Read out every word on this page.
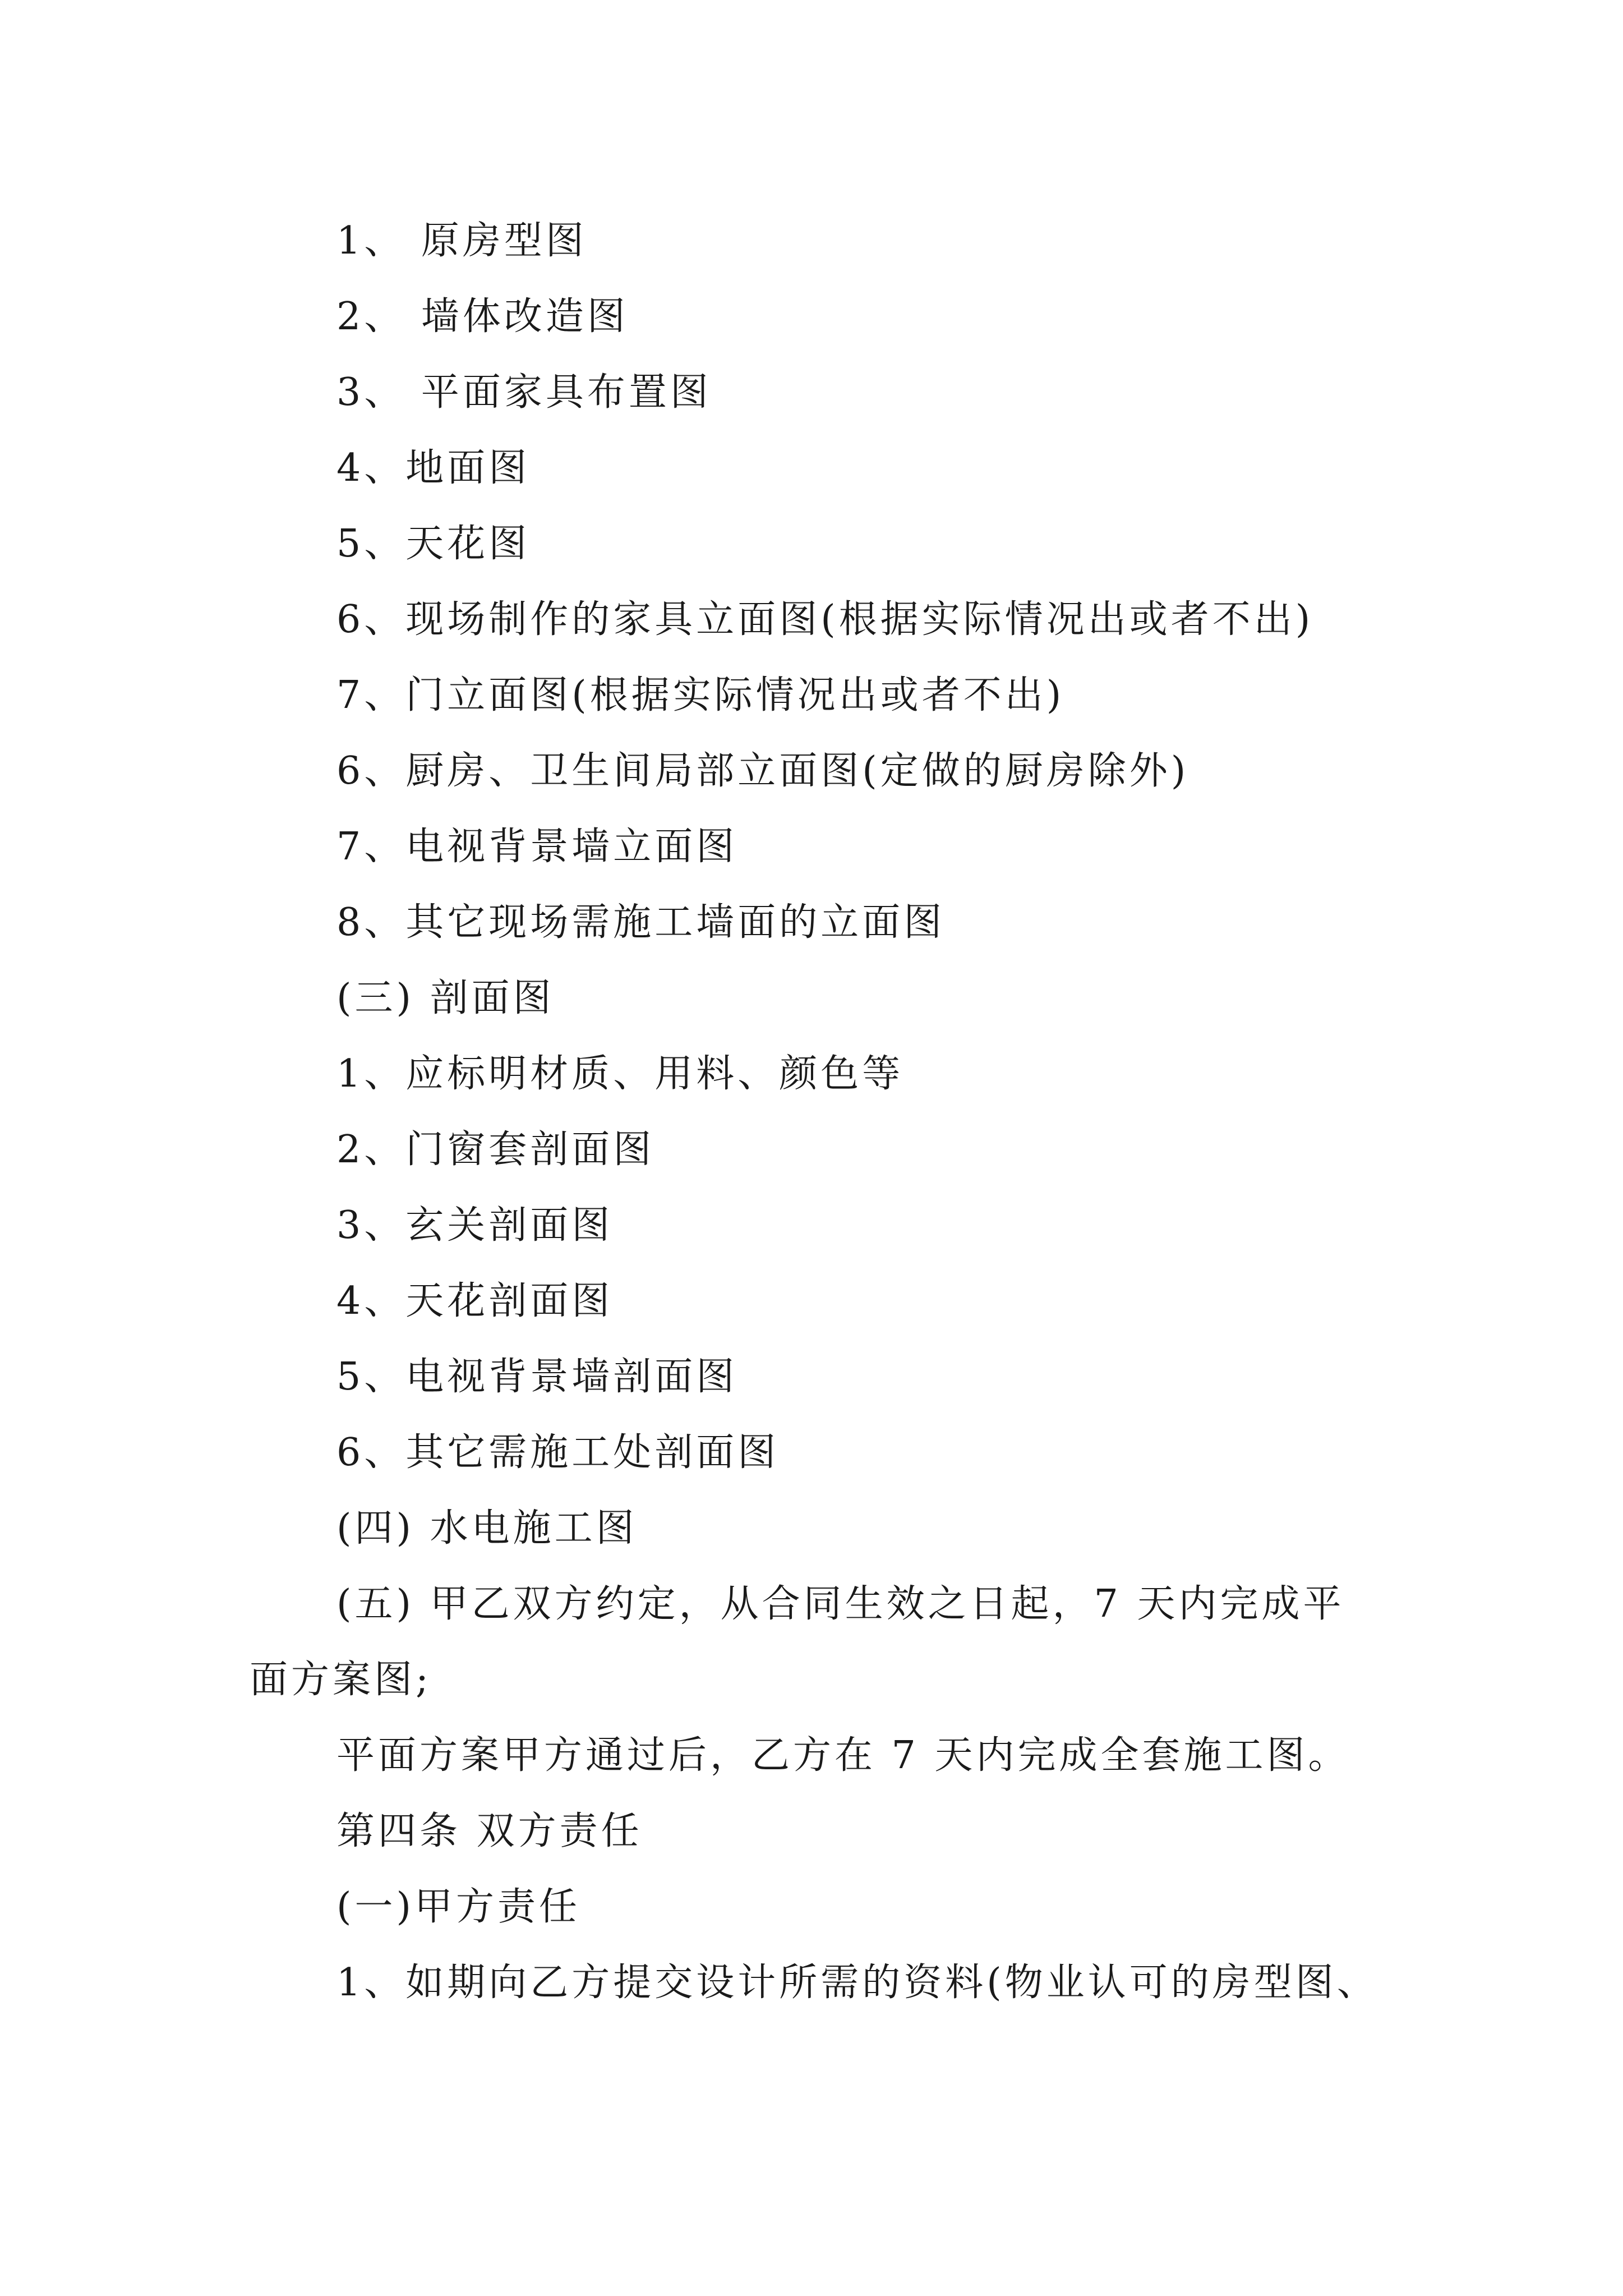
1、 原房型图

2、 墙体改造图

3、 平面家具布置图

4、地面图

5、天花图

6、现场制作的家具立面图(根据实际情况出或者不出)

7、门立面图(根据实际情况出或者不出)

6、厨房、卫生间局部立面图(定做的厨房除外)

7、电视背景墙立面图

8、其它现场需施工墙面的立面图

(三) 剖面图

1、应标明材质、用料、颜色等

2、门窗套剖面图

3、玄关剖面图

4、天花剖面图

5、电视背景墙剖面图

6、其它需施工处剖面图

(四) 水电施工图

(五) 甲乙双方约定，从合同生效之日起，7 天内完成平

面方案图;

平面方案甲方通过后，乙方在 7 天内完成全套施工图。

第四条 双方责任

(一)甲方责任

1、如期向乙方提交设计所需的资料(物业认可的房型图、
